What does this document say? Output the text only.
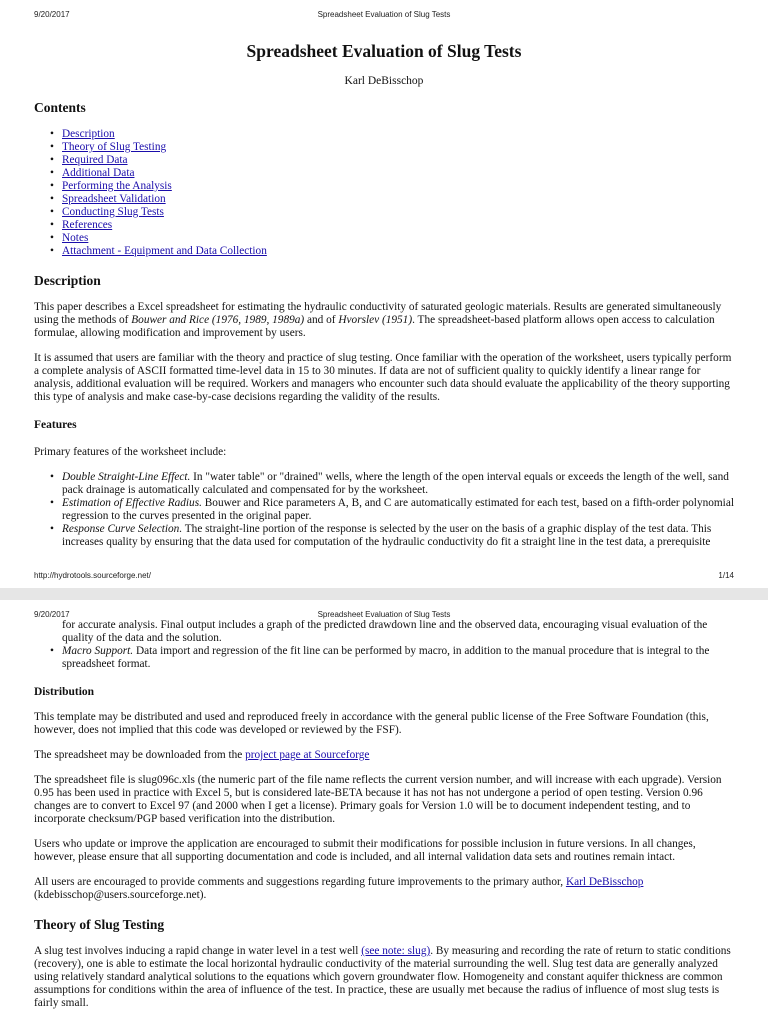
9/20/2017	Spreadsheet Evaluation of Slug Tests
Spreadsheet Evaluation of Slug Tests
Karl DeBisschop
Contents
• Description
• Theory of Slug Testing
• Required Data
• Additional Data
• Performing the Analysis
• Spreadsheet Validation
• Conducting Slug Tests
• References
• Notes
• Attachment - Equipment and Data Collection
Description

This paper describes a Excel spreadsheet for estimating the hydraulic conductivity of saturated geologic materials. Results are generated simultaneously using the methods of Bouwer and Rice (1976, 1989, 1989a) and of Hvorslev (1951). The spreadsheet-based platform allows open access to calculation formulae, allowing modification and improvement by users.

It is assumed that users are familiar with the theory and practice of slug testing. Once familiar with the operation of the worksheet, users typically perform a complete analysis of ASCII formatted time-level data in 15 to 30 minutes. If data are not of sufficient quality to quickly identify a linear range for analysis, additional evaluation will be required. Workers and managers who encounter such data should evaluate the applicability of the theory supporting this type of analysis and make case-by-case decisions regarding the validity of the results.

Features

Primary features of the worksheet include:

• Double Straight-Line Effect. In "water table" or "drained" wells, where the length of the open interval equals or exceeds the length of the well, sand pack drainage is automatically calculated and compensated for by the worksheet.
• Estimation of Effective Radius. Bouwer and Rice parameters A, B, and C are automatically estimated for each test, based on a fifth-order polynomial regression to the curves presented in the original paper.
• Response Curve Selection. The straight-line portion of the response is selected by the user on the basis of a graphic display of the test data. This increases quality by ensuring that the data used for computation of the hydraulic conductivity do fit a straight line in the test data, a prerequisite
http://hydrotools.sourceforge.net/	1/14
9/20/2017	Spreadsheet Evaluation of Slug Tests
for accurate analysis. Final output includes a graph of the predicted drawdown line and the observed data, encouraging visual evaluation of the quality of the data and the solution.
• Macro Support. Data import and regression of the fit line can be performed by macro, in addition to the manual procedure that is integral to the spreadsheet format.
Distribution

This template may be distributed and used and reproduced freely in accordance with the general public license of the Free Software Foundation (this, however, does not implied that this code was developed or reviewed by the FSF).

The spreadsheet may be downloaded from the project page at Sourceforge

The spreadsheet file is slug096c.xls (the numeric part of the file name reflects the current version number, and will increase with each upgrade). Version 0.95 has been used in practice with Excel 5, but is considered late-BETA because it has not has not undergone a period of open testing. Version 0.96 changes are to convert to Excel 97 (and 2000 when I get a license). Primary goals for Version 1.0 will be to document independent testing, and to incorporate checksum/PGP based verification into the distribution.

Users who update or improve the application are encouraged to submit their modifications for possible inclusion in future versions. In all changes, however, please ensure that all supporting documentation and code is included, and all internal validation data sets and routines remain intact.

All users are encouraged to provide comments and suggestions regarding future improvements to the primary author, Karl DeBisschop (kdebisschop@users.sourceforge.net).

Theory of Slug Testing

A slug test involves inducing a rapid change in water level in a test well (see note: slug). By measuring and recording the rate of return to static conditions (recovery), one is able to estimate the local horizontal hydraulic conductivity of the material surrounding the well. Slug test data are generally analyzed using relatively standard analytical solutions to the equations which govern groundwater flow. Homogeneity and constant aquifer thickness are common assumptions for conditions within the area of influence of the test. In practice, these are usually met because the radius of influence of most slug tests is fairly small.
